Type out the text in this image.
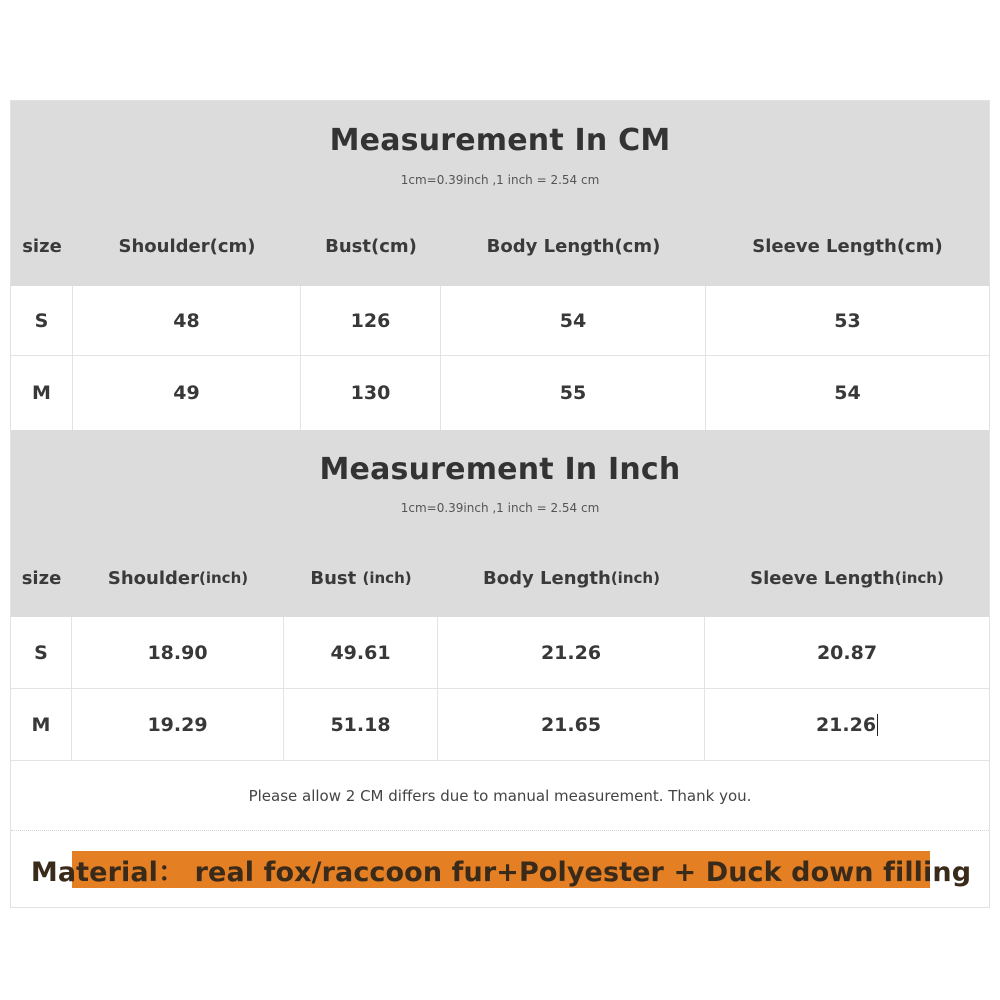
Measurement In CM
1cm=0.39inch ,1 inch = 2.54 cm
size	Shoulder(cm)	Bust(cm)	Body Length(cm)	Sleeve Length(cm)
S	48	126	54	53
M	49	130	55	54
Measurement In Inch
1cm=0.39inch ,1 inch = 2.54 cm
size	Shoulder (inch)	Bust (inch)	Body Length (inch)	Sleeve Length (inch)
S	18.90	49.61	21.26	20.87
M	19.29	51.18	21.65	21.26
Please allow 2 CM differs due to manual measurement. Thank you.
Material： real fox/raccoon fur+Polyester + Duck down filling
